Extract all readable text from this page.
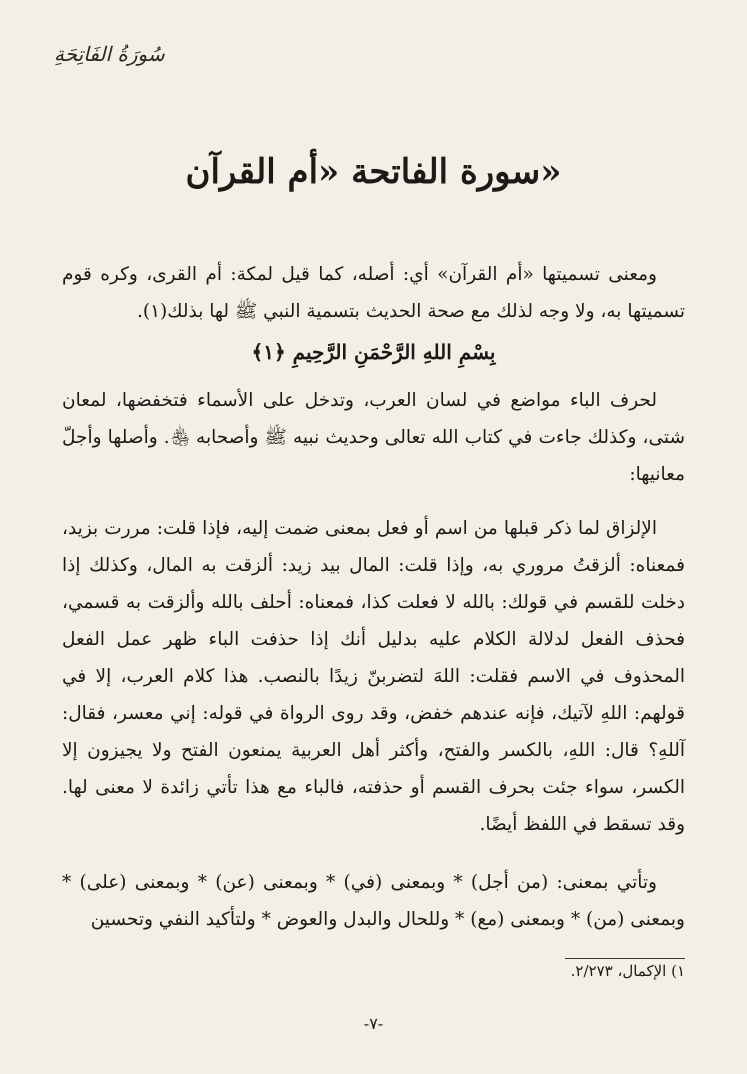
سُورَةُ الفَاتِحَةِ
سورة الفاتحة «أم القرآن»
ومعنى تسميتها «أم القرآن» أي: أصله، كما قيل لمكة: أم القرى، وكره قوم تسميتها به، ولا وجه لذلك مع صحة الحديث بتسمية النبي ﷺ لها بذلك(١).
بِسْمِ اللهِ الرَّحْمَنِ الرَّحِيمِ ﴿١﴾
لحرف الباء مواضع في لسان العرب، وتدخل على الأسماء فتخفضها، لمعان شتى، وكذلك جاءت في كتاب الله تعالى وحديث نبيه ﷺ وأصحابه ﵃. وأصلها وأجلّ معانيها:
الإلزاق لما ذكر قبلها من اسم أو فعل بمعنى ضمت إليه، فإذا قلت: مررت بزيد، فمعناه: ألزقتُ مروري به، وإذا قلت: المال بيد زيد: ألزقت به المال، وكذلك إذا دخلت للقسم في قولك: بالله لا فعلت كذا، فمعناه: أحلف بالله وألزقت به قسمي، فحذف الفعل لدلالة الكلام عليه بدليل أنك إذا حذفت الباء ظهر عمل الفعل المحذوف في الاسم فقلت: اللهَ لتضربنّ زيدًا بالنصب. هذا كلام العرب، إلا في قولهم: اللهِ لآتيك، فإنه عندهم خفض، وقد روى الرواة في قوله: إني معسر، فقال: آللهِ؟ قال: اللهِ، بالكسر والفتح، وأكثر أهل العربية يمنعون الفتح ولا يجيزون إلا الكسر، سواء جئت بحرف القسم أو حذفته، فالباء مع هذا تأتي زائدة لا معنى لها. وقد تسقط في اللفظ أيضًا.
وتأتي بمعنى: (من أجل) * وبمعنى (في) * وبمعنى (عن) * وبمعنى (على) * وبمعنى (من) * وبمعنى (مع) * وللحال والبدل والعوض * ولتأكيد النفي وتحسين
١) الإكمال، ٢/٢٧٣.
-٧-
